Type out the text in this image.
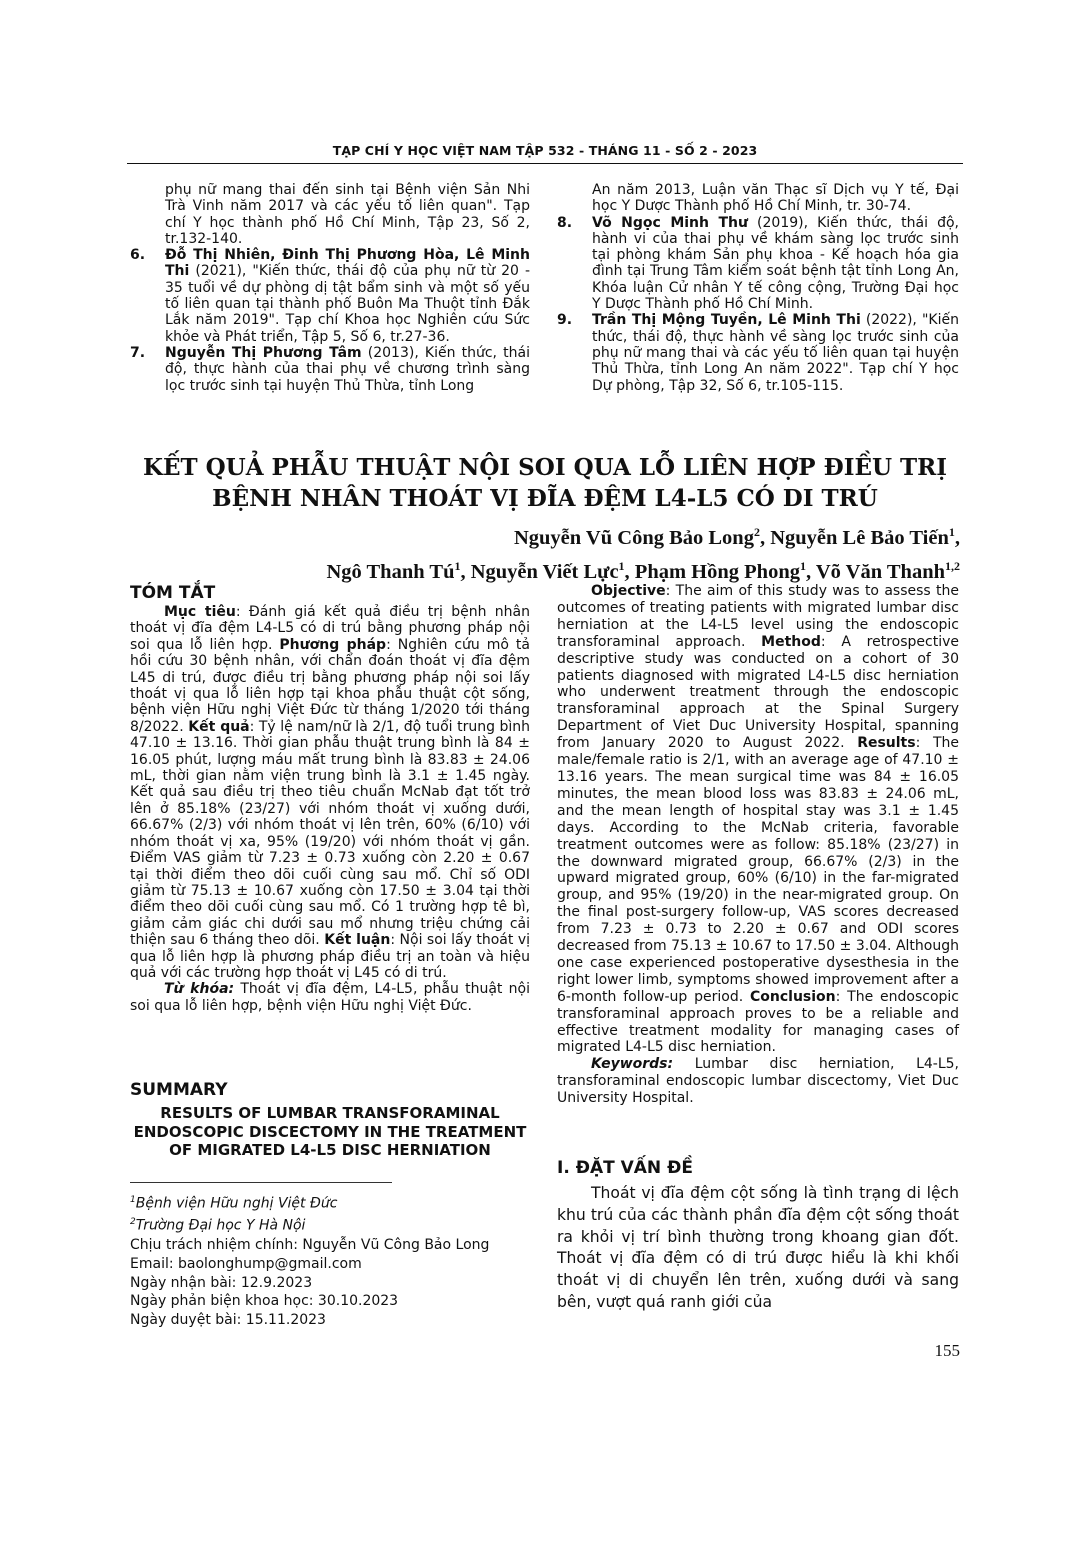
TẠP CHÍ Y HỌC VIỆT NAM TẬP 532 - THÁNG 11 - SỐ 2 - 2023

phụ nữ mang thai đến sinh tại Bệnh viện Sản Nhi Trà Vinh năm 2017 và các yếu tố liên quan". Tạp chí Y học thành phố Hồ Chí Minh, Tập 23, Số 2, tr.132-140.

6. Đỗ Thị Nhiên, Đinh Thị Phương Hòa, Lê Minh Thi (2021), "Kiến thức, thái độ của phụ nữ từ 20 - 35 tuổi về dự phòng dị tật bẩm sinh và một số yếu tố liên quan tại thành phố Buôn Ma Thuột tỉnh Đắk Lắk năm 2019". Tạp chí Khoa học Nghiên cứu Sức khỏe và Phát triển, Tập 5, Số 6, tr.27-36.

7. Nguyễn Thị Phương Tâm (2013), Kiến thức, thái độ, thực hành của thai phụ về chương trình sàng lọc trước sinh tại huyện Thủ Thừa, tỉnh Long

An năm 2013, Luận văn Thạc sĩ Dịch vụ Y tế, Đại học Y Dược Thành phố Hồ Chí Minh, tr. 30-74.

8. Võ Ngọc Minh Thư (2019), Kiến thức, thái độ, hành vi của thai phụ về khám sàng lọc trước sinh tại phòng khám Sản phụ khoa - Kế hoạch hóa gia đình tại Trung Tâm kiểm soát bệnh tật tỉnh Long An, Khóa luận Cử nhân Y tế công cộng, Trường Đại học Y Dược Thành phố Hồ Chí Minh.

9. Trần Thị Mộng Tuyền, Lê Minh Thi (2022), "Kiến thức, thái độ, thực hành về sàng lọc trước sinh của phụ nữ mang thai và các yếu tố liên quan tại huyện Thủ Thừa, tỉnh Long An năm 2022". Tạp chí Y học Dự phòng, Tập 32, Số 6, tr.105-115.

KẾT QUẢ PHẪU THUẬT NỘI SOI QUA LỖ LIÊN HỢP ĐIỀU TRỊ
BỆNH NHÂN THOÁT VỊ ĐĨA ĐỆM L4-L5 CÓ DI TRÚ
Nguyễn Vũ Công Bảo Long$^2$, Nguyễn Lê Bảo Tiến$^1$,
Ngô Thanh $Tú^1$, Nguyễn Viết Lực$^1$, Phạm Hồng Phong$^1$, Võ Văn Thanh$^{1,2}$
TÓM TẮT

Mục tiêu: Đánh giá kết quả điều trị bệnh nhân thoát vị đĩa đệm L4-L5 có di trú bằng phương pháp nội soi qua lỗ liên hợp. Phương pháp: Nghiên cứu mô tả hồi cứu 30 bệnh nhân, với chẩn đoán thoát vị đĩa đệm L45 di trú, được điều trị bằng phương pháp nội soi lấy thoát vị qua lỗ liên hợp tại khoa phẫu thuật cột sống, bệnh viện Hữu nghị Việt Đức từ tháng 1/2020 tới tháng 8/2022. Kết quả: Tỷ lệ nam/nữ là 2/1, độ tuổi trung bình 47.10 ± 13.16. Thời gian phẫu thuật trung bình là 84 ± 16.05 phút, lượng máu mất trung bình là 83.83 ± 24.06 mL, thời gian nằm viện trung bình là 3.1 ± 1.45 ngày. Kết quả sau điều trị theo tiêu chuẩn McNab đạt tốt trở lên ở 85.18% (23/27) với nhóm thoát vị xuống dưới, 66.67% (2/3) với nhóm thoát vị lên trên, 60% (6/10) với nhóm thoát vị xa, 95% (19/20) với nhóm thoát vị gần. Điểm VAS giảm từ 7.23 ± 0.73 xuống còn 2.20 ± 0.67 tại thời điểm theo dõi cuối cùng sau mổ. Chỉ số ODI giảm từ 75.13 ± 10.67 xuống còn 17.50 ± 3.04 tại thời điểm theo dõi cuối cùng sau mổ. Có 1 trường hợp tê bì, giảm cảm giác chi dưới sau mổ nhưng triệu chứng cải thiện sau 6 tháng theo dõi. Kết luận: Nội soi lấy thoát vị qua lỗ liên hợp là phương pháp điều trị an toàn và hiệu quả với các trường hợp thoát vị L45 có di trú.

Từ khóa: Thoát vị đĩa đệm, L4-L5, phẫu thuật nội soi qua lỗ liên hợp, bệnh viện Hữu nghị Việt Đức.

SUMMARY
RESULTS OF LUMBAR TRANSFORAMINAL ENDOSCOPIC DISCECTOMY IN THE TREATMENT OF MIGRATED L4-L5 DISC HERNIATION
$^1$Bệnh viện Hữu nghị Việt Đức
$^2$Trường Đại học Y Hà Nội
Chịu trách nhiệm chính: Nguyễn Vũ Công Bảo Long
Email: baolonghump@gmail.com
Ngày nhận bài: 12.9.2023
Ngày phản biện khoa học: 30.10.2023
Ngày duyệt bài: 15.11.2023

Objective: The aim of this study was to assess the outcomes of treating patients with migrated lumbar disc herniation at the L4-L5 level using the endoscopic transforaminal approach. Method: A retrospective descriptive study was conducted on a cohort of 30 patients diagnosed with migrated L4-L5 disc herniation who underwent treatment through the endoscopic transforaminal approach at the Spinal Surgery Department of Viet Duc University Hospital, spanning from January 2020 to August 2022. Results: The male/female ratio is 2/1, with an average age of 47.10 ± 13.16 years. The mean surgical time was 84 ± 16.05 minutes, the mean blood loss was 83.83 ± 24.06 mL, and the mean length of hospital stay was 3.1 ± 1.45 days. According to the McNab criteria, favorable treatment outcomes were as follow: 85.18% (23/27) in the downward migrated group, 66.67% (2/3) in the upward migrated group, 60% (6/10) in the far-migrated group, and 95% (19/20) in the near-migrated group. On the final post-surgery follow-up, VAS scores decreased from 7.23 ± 0.73 to 2.20 ± 0.67 and ODI scores decreased from 75.13 ± 10.67 to 17.50 ± 3.04. Although one case experienced postoperative dysesthesia in the right lower limb, symptoms showed improvement after a 6-month follow-up period. Conclusion: The endoscopic transforaminal approach proves to be a reliable and effective treatment modality for managing cases of migrated L4-L5 disc herniation.

Keywords: Lumbar disc herniation, L4-L5, transforaminal endoscopic lumbar discectomy, Viet Duc University Hospital.

I. ĐẶT VẤN ĐỀ

Thoát vị đĩa đệm cột sống là tình trạng di lệch khu trú của các thành phần đĩa đệm cột sống thoát ra khỏi vị trí bình thường trong khoang gian đốt. Thoát vị đĩa đệm có di trú được hiểu là khi khối thoát vị di chuyển lên trên, xuống dưới và sang bên, vượt quá ranh giới của

155
